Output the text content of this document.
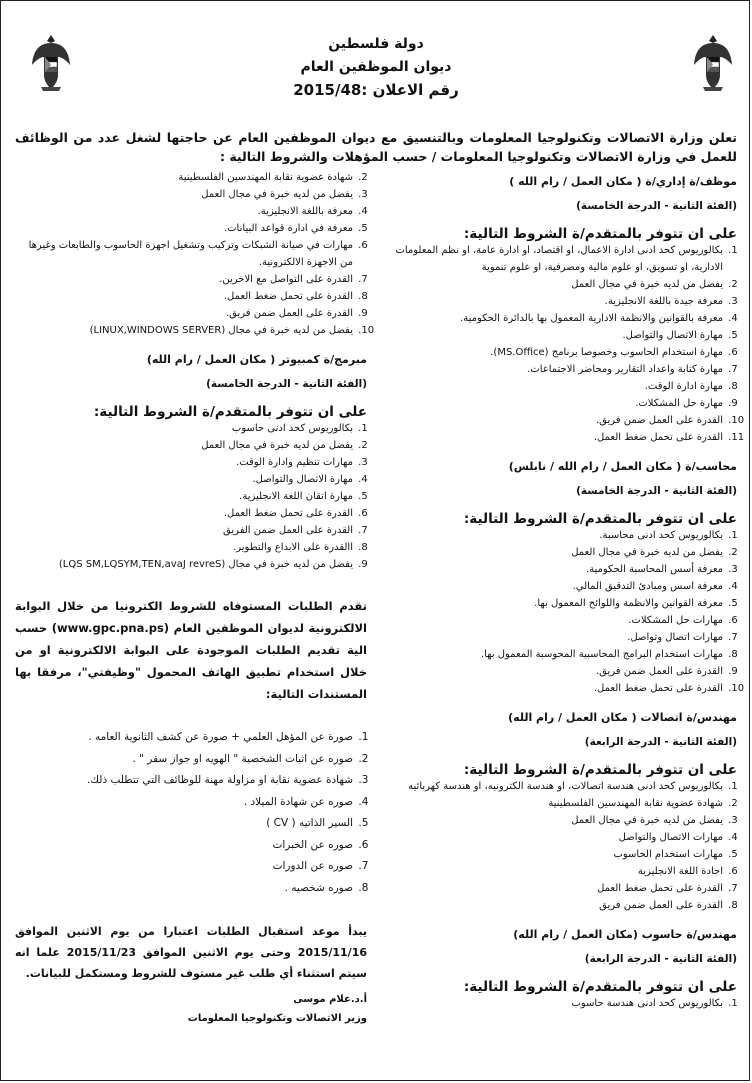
دولة فلسطين
ديوان الموظفين العام
رقم الاعلان :2015/48

تعلن وزارة الاتصالات وتكنولوجيا المعلومات وبالتنسيق مع ديوان الموظفين العام عن حاجتها لشغل عدد من الوظائف للعمل في وزارة الاتصالات وتكنولوجيا المعلومات / حسب المؤهلات والشروط التالية :

موظف/ة إداري/ة ( مكان العمل / رام الله )

(الفئة الثانية - الدرجة الخامسة)

على ان تتوفر بالمتقدم/ة الشروط التالية:

1. بكالوريوس كحد ادنى ادارة الاعمال، او اقتصاد، او ادارة عامة، او نظم المعلومات الادارية، او تسويق، او علوم مالية ومصرفية، او علوم تنموية
2. يفضل من لديه خبرة في مجال العمل
3. معرفة جيدة باللغة الانجليزية.
4. معرفة بالقوانين والانظمة الادارية المعمول بها بالدائرة الحكومية.
5. مهارة الاتصال والتواصل.
6. مهارة استخدام الحاسوب وخصوصا برنامج (MS.Office).
7. مهارة كتابة واعداد التقارير ومحاضر الاجتماعات.
8. مهارة ادارة الوقت.
9. مهارة حل المشكلات.
10. القدرة على العمل ضمن فريق.
11. القدرة على تحمل ضغط العمل.

محاسب/ة ( مكان العمل / رام الله / نابلس)

(الفئة الثانية - الدرجة الخامسة)

على ان تتوفر بالمتقدم/ة الشروط التالية:

1. بكالوريوس كحد ادنى محاسبة.
2. يفضل من لديه خبرة في مجال العمل
3. معرفة أسس المحاسبة الحكومية.
4. معرفة اسس ومبادئ التدقيق المالي.
5. معرفة القوانين والانظمة واللوائح المعمول بها.
6. مهارات حل المشكلات.
7. مهارات اتصال وتواصل.
8. مهارات استخدام البرامج المحاسبية المحوسبة المعمول بها.
9. القدرة على العمل ضمن فريق.
10. القدرة على تحمل ضغط العمل.

مهندس/ة اتصالات ( مكان العمل / رام الله)

(الفئة الثانية - الدرجة الرابعة)

على ان تتوفر بالمتقدم/ة الشروط التالية:

1. بكالوريوس كحد ادنى هندسة اتصالات، او هندسة الكترونيه، او هندسة كهربائيه
2. شهادة عضوية نقابة المهندسين الفلسطينية
3. يفضل من لديه خبرة في مجال العمل
4. مهارات الاتصال والتواصل
5. مهارات استخدام الحاسوب
6. اجادة اللغة الانجليزية
7. القدرة على تحمل ضغط العمل
8. القدرة على العمل ضمن فريق

مهندس/ة حاسوب (مكان العمل / رام الله)

(الفئة الثانية - الدرجة الرابعة)

على ان تتوفر بالمتقدم/ة الشروط التالية:

1. بكالوريوس كحد ادنى هندسة حاسوب
2. شهادة عضوية نقابة المهندسين الفلسطينية
3. يفضل من لديه خبرة في مجال العمل
4. معرفة باللغة الانجليزية.
5. معرفة في ادارة قواعد البيانات.
6. مهارات في صيانة الشبكات وتركيب وتشغيل اجهزة الحاسوب والطابعات وغيرها من الاجهزة الالكترونية.
7. القدرة على التواصل مع الاخرين.
8. القدرة على تحمل ضغط العمل.
9. القدرة على العمل ضمن فريق.
10. يفضل من لديه خبرة في مجال (LINUX,WINDOWS SERVER)

مبرمج/ة كمبيوتر ( مكان العمل / رام الله)

(الفئة الثانية - الدرجة الخامسة)

على ان تتوفر بالمتقدم/ة الشروط التالية:

1. بكالوريوس كحد ادنى حاسوب
2. يفضل من لديه خبرة في مجال العمل
3. مهارات تنظيم وادارة الوقت.
4. مهارة الاتصال والتواصل.
5. مهارة اتقان اللغة الانجليزية.
6. القدرة على تحمل ضغط العمل.
7. القدرة على العمل ضمن الفريق
8. االقدرة على الابداع والتطوير.
9. يفضل من لديه خبرة في مجال (LQS SM,LQSYM,TEN,avaJ revreS)

تقدم الطلبات المستوفاه للشروط الكترونيا من خلال البوابة الالكترونية لديوان الموظفين العام (www.gpc.pna.ps) حسب الية تقديم الطلبات الموجودة على البوابة الالكترونية او من خلال استخدام تطبيق الهاتف المحمول "وظيفتي"، مرفقا بها المستندات التالية:

1. صورة عن المؤهل العلمي + صورة عن كشف الثانوية العامه .
2. صوره عن اثبات الشخصية " الهويه او جواز سفر " .
3. شهادة عضوية نقابة او مزاولة مهنة للوظائف التي تتطلب ذلك.
4. صوره عن شهادة الميلاد .
5. السير الذاتيه ( CV )
6. صوره عن الخبرات
7. صوره عن الدورات
8. صوره شخصيه .

يبدأ موعد استقبال الطلبات اعتبارا من يوم الاثنين الموافق 2015/11/16 وحتى يوم الاثنين الموافق 2015/11/23 علما انه سيتم استثناء أي طلب غير مستوف للشروط ومستكمل للبيانات.

أ.د.علام موسى

وزير الاتصالات وتكنولوجيا المعلومات
